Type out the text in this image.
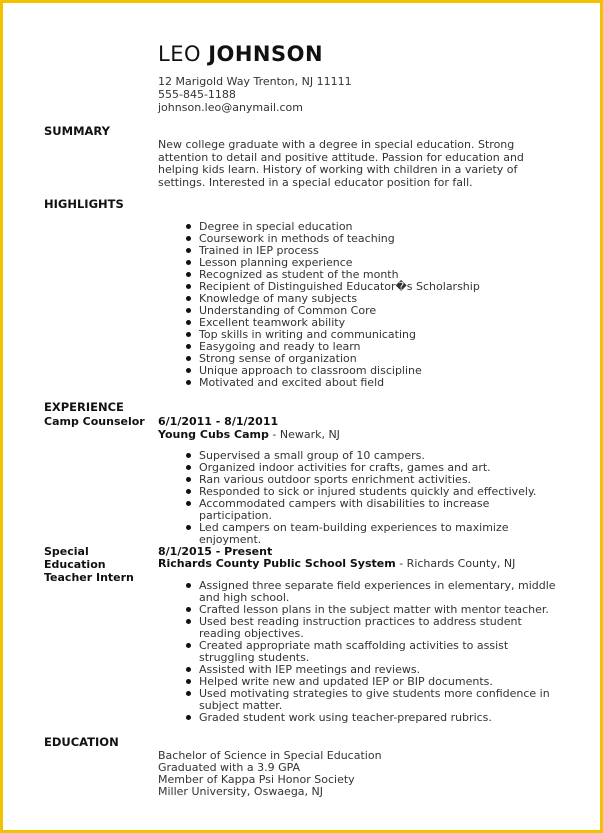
LEO JOHNSON
12 Marigold Way Trenton, NJ 11111
555-845-1188
johnson.leo@anymail.com
SUMMARY
New college graduate with a degree in special education. Strong attention to detail and positive attitude. Passion for education and helping kids learn. History of working with children in a variety of settings. Interested in a special educator position for fall.
HIGHLIGHTS
Degree in special education
Coursework in methods of teaching
Trained in IEP process
Lesson planning experience
Recognized as student of the month
Recipient of Distinguished Educator�s Scholarship
Knowledge of many subjects
Understanding of Common Core
Excellent teamwork ability
Top skills in writing and communicating
Easygoing and ready to learn
Strong sense of organization
Unique approach to classroom discipline
Motivated and excited about field
EXPERIENCE
Camp Counselor	6/1/2011 - 8/1/2011
Young Cubs Camp - Newark, NJ
Supervised a small group of 10 campers.
Organized indoor activities for crafts, games and art.
Ran various outdoor sports enrichment activities.
Responded to sick or injured students quickly and effectively.
Accommodated campers with disabilities to increase participation.
Led campers on team-building experiences to maximize enjoyment.
Special Education Teacher Intern
8/1/2015 - Present
Richards County Public School System - Richards County, NJ
Assigned three separate field experiences in elementary, middle and high school.
Crafted lesson plans in the subject matter with mentor teacher.
Used best reading instruction practices to address student reading objectives.
Created appropriate math scaffolding activities to assist struggling students.
Assisted with IEP meetings and reviews.
Helped write new and updated IEP or BIP documents.
Used motivating strategies to give students more confidence in subject matter.
Graded student work using teacher-prepared rubrics.
EDUCATION
Bachelor of Science in Special Education
Graduated with a 3.9 GPA
Member of Kappa Psi Honor Society
Miller University, Oswaega, NJ
